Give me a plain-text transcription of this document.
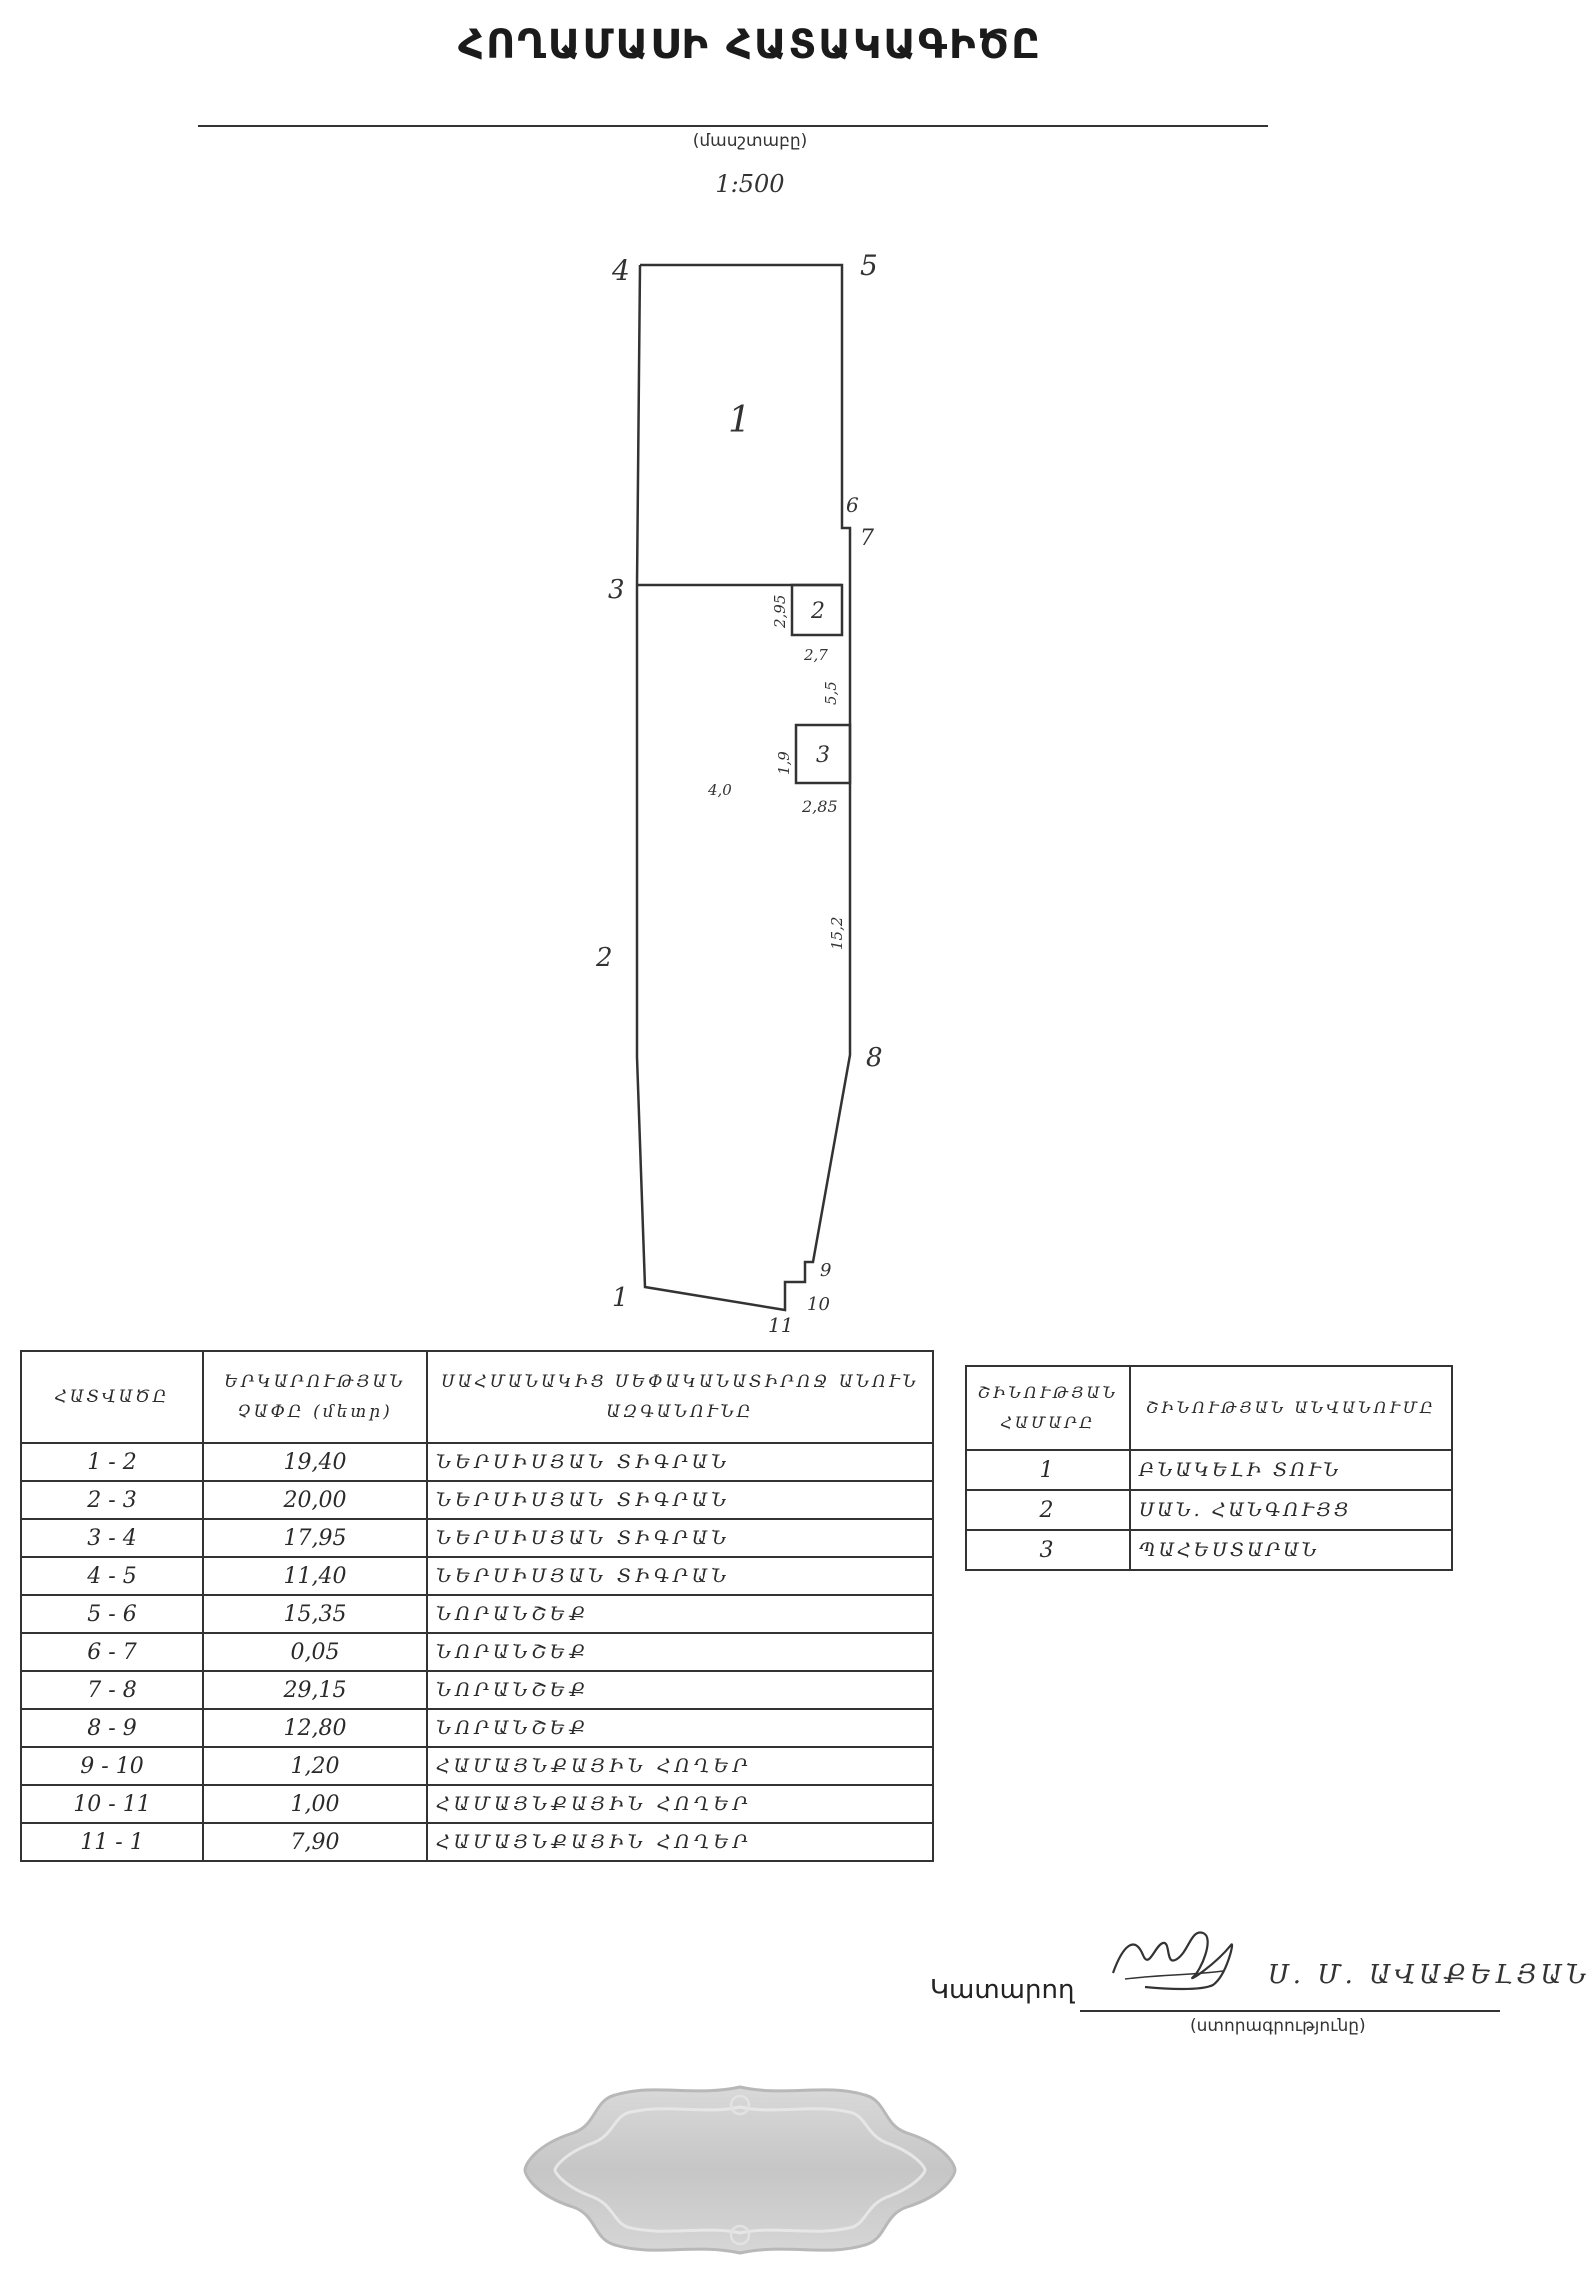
ՀՈՂԱՄԱՍԻ ՀԱՏԱԿԱԳԻԾԸ
(մասշտաբը)
1:500
1
2
3
4	5
6
7
8
9
10
11
1
2
3
2,95
2,7
5,5
1,9
2,85
4,0
15,2
ՀԱՏՎԱԾԸ	ԵՐԿԱՐՈՒԹՅԱՆ ՉԱՓԸ (մետր)	ՍԱՀՄԱՆԱԿԻՑ ՍԵՓԱԿԱՆԱՏԻՐՈՋ ԱՆՈՒՆ ԱԶԳԱՆՈՒՆԸ
1 - 2	19,40	ՆԵՐՍԻՍՅԱՆ ՏԻԳՐԱՆ
2 - 3	20,00	ՆԵՐՍԻՍՅԱՆ ՏԻԳՐԱՆ
3 - 4	17,95	ՆԵՐՍԻՍՅԱՆ ՏԻԳՐԱՆ
4 - 5	11,40	ՆԵՐՍԻՍՅԱՆ ՏԻԳՐԱՆ
5 - 6	15,35	ՆՈՐԱՆՇԵՔ
6 - 7	0,05	ՆՈՐԱՆՇԵՔ
7 - 8	29,15	ՆՈՐԱՆՇԵՔ
8 - 9	12,80	ՆՈՐԱՆՇԵՔ
9 - 10	1,20	ՀԱՄԱՅՆՔԱՅԻՆ ՀՈՂԵՐ
10 - 11	1,00	ՀԱՄԱՅՆՔԱՅԻՆ ՀՈՂԵՐ
11 - 1	7,90	ՀԱՄԱՅՆՔԱՅԻՆ ՀՈՂԵՐ
ՇԻՆՈՒԹՅԱՆ ՀԱՄԱՐԸ	ՇԻՆՈՒԹՅԱՆ ԱՆՎԱՆՈՒՄԸ
1	ԲՆԱԿԵԼԻ ՏՈՒՆ
2	ՍԱՆ. ՀԱՆԳՈՒՅՑ
3	ՊԱՀԵՍՏԱՐԱՆ
Կատարող	Ս. Մ. ԱՎԱՔԵԼՅԱՆ
(ստորագրությունը)
